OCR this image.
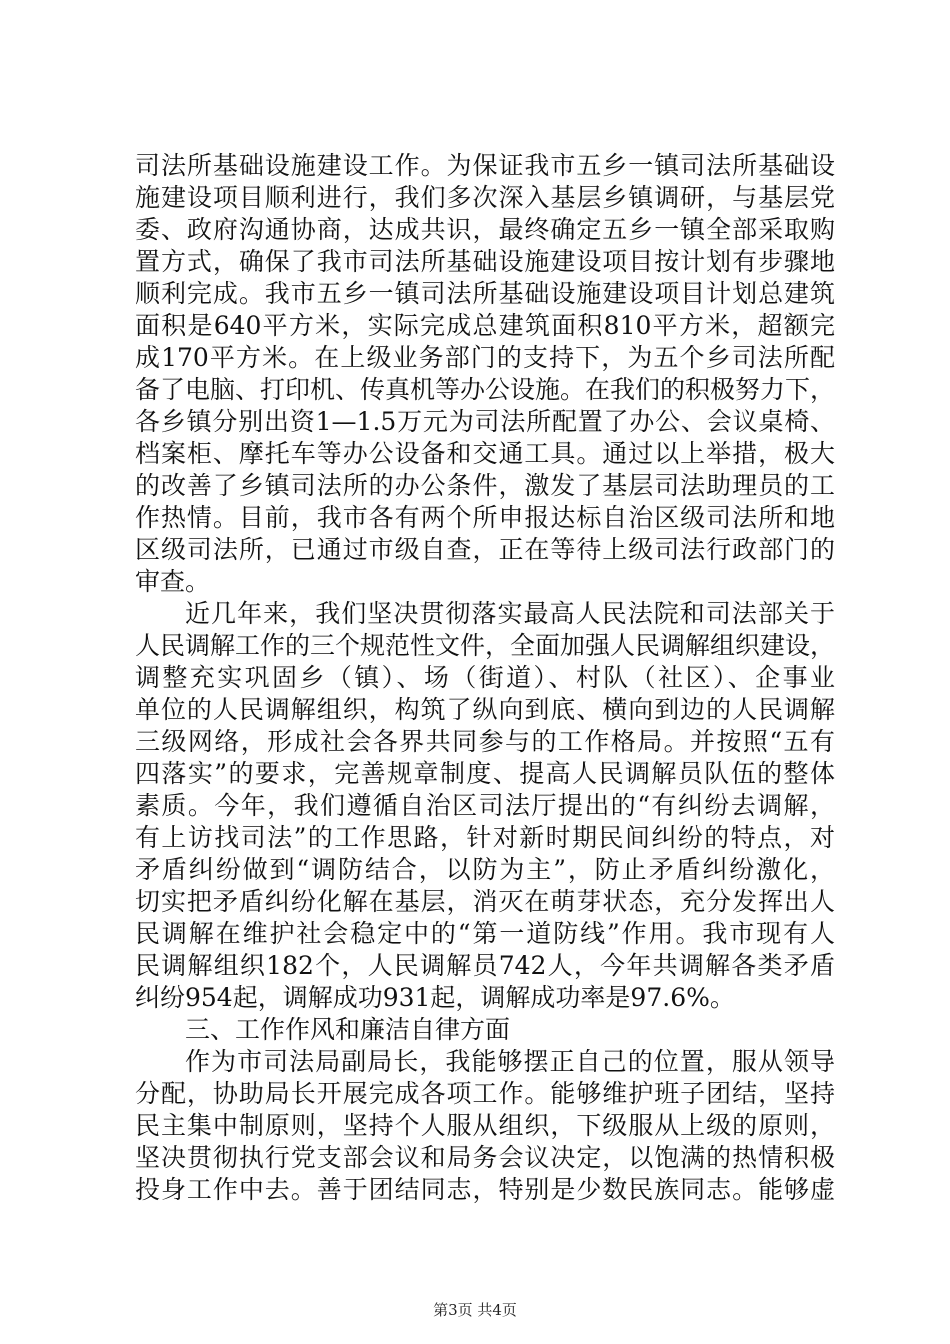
司法所基础设施建设工作。为保证我市五乡一镇司法所基础设
施建设项目顺利进行，我们多次深入基层乡镇调研，与基层党
委、政府沟通协商，达成共识，最终确定五乡一镇全部采取购
置方式，确保了我市司法所基础设施建设项目按计划有步骤地
顺利完成。我市五乡一镇司法所基础设施建设项目计划总建筑
面积是640平方米，实际完成总建筑面积810平方米，超额完
成170平方米。在上级业务部门的支持下，为五个乡司法所配
备了电脑、打印机、传真机等办公设施。在我们的积极努力下，
各乡镇分别出资1—1.5万元为司法所配置了办公、会议桌椅、
档案柜、摩托车等办公设备和交通工具。通过以上举措，极大
的改善了乡镇司法所的办公条件，激发了基层司法助理员的工
作热情。目前，我市各有两个所申报达标自治区级司法所和地
区级司法所，已通过市级自查，正在等待上级司法行政部门的
审查。
近几年来，我们坚决贯彻落实最高人民法院和司法部关于
人民调解工作的三个规范性文件，全面加强人民调解组织建设，
调整充实巩固乡（镇）、场（街道）、村队（社区）、企事业
单位的人民调解组织，构筑了纵向到底、横向到边的人民调解
三级网络，形成社会各界共同参与的工作格局。并按照“五有
四落实”的要求，完善规章制度、提高人民调解员队伍的整体
素质。今年，我们遵循自治区司法厅提出的“有纠纷去调解，
有上访找司法”的工作思路，针对新时期民间纠纷的特点，对
矛盾纠纷做到“调防结合，以防为主”，防止矛盾纠纷激化，
切实把矛盾纠纷化解在基层，消灭在萌芽状态，充分发挥出人
民调解在维护社会稳定中的“第一道防线”作用。我市现有人
民调解组织182个，人民调解员742人，今年共调解各类矛盾
纠纷954起，调解成功931起，调解成功率是97.6%。
三、工作作风和廉洁自律方面
作为市司法局副局长，我能够摆正自己的位置，服从领导
分配，协助局长开展完成各项工作。能够维护班子团结，坚持
民主集中制原则，坚持个人服从组织，下级服从上级的原则，
坚决贯彻执行党支部会议和局务会议决定，以饱满的热情积极
投身工作中去。善于团结同志，特别是少数民族同志。能够虚
第3页 共4页
